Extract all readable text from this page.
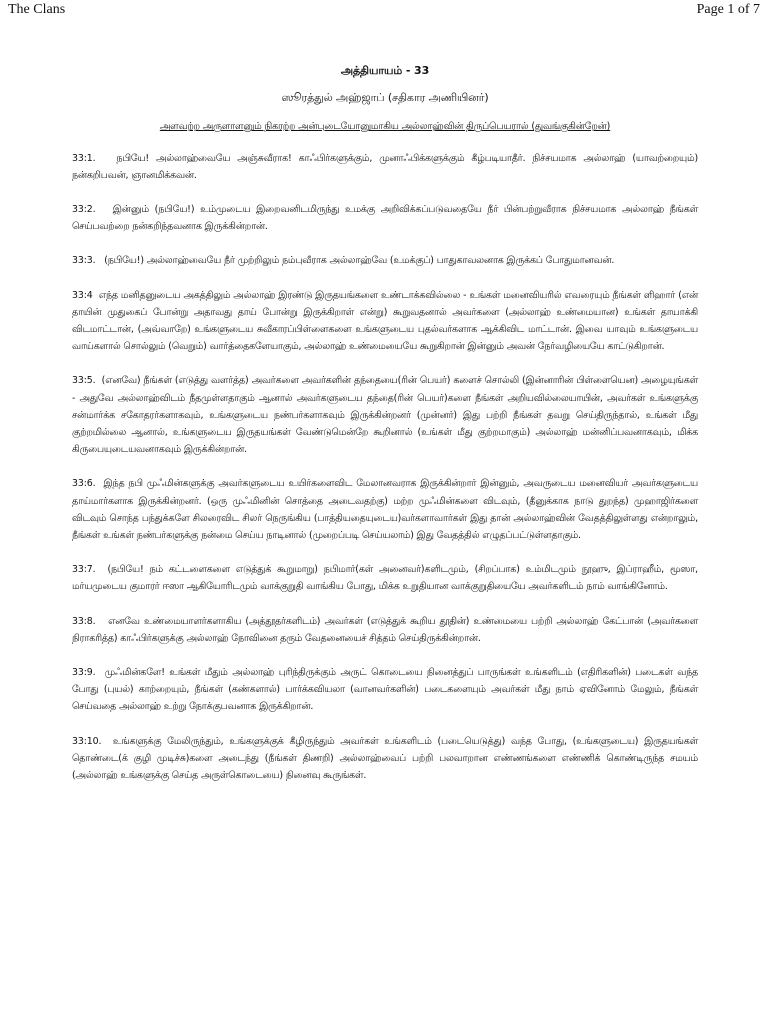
The Clans	Page 1 of 7
அத்தியாயம் - 33
ஸூரத்துல் அஹ்ஜாப் (சதிகார அணியினர்)
அளவற்ற அருளாளனும் நிகரற்ற அன்புடையோனுமாகிய அல்லாஹ்வின் திருப்பெயரால் (துவங்குகின்றேன்)

33:1. நபியே! அல்லாஹ்வையே அஞ்சுவீராக! காஃபிர்களுக்கும், முனாஃபிக்களுக்கும் கீழ்படியாதீர். நிச்சயமாக அல்லாஹ் (யாவற்றையும்) நன்கறிபவன், ஞானமிக்கவன்.

33:2. இன்னும் (நபியே!) உம்முடைய இறைவனிடமிருந்து உமக்கு அறிவிக்கப்படுவதையே நீர் பின்பற்றுவீராக நிச்சயமாக அல்லாஹ் நீங்கள் செய்பவற்றை நன்கறிந்தவனாக இருக்கின்றான்.

33:3. (நபியே!) அல்லாஹ்வையே நீர் முற்றிலும் நம்புவீராக அல்லாஹ்வே (உமக்குப்) பாதுகாவலனாக இருக்கப் போதுமானவன்.

33:4 எந்த மனிதனுடைய அகத்திலும் அல்லாஹ் இரண்டு இருதயங்களை உண்டாக்கவில்லை - உங்கள் மனைவியரில் எவரையும் நீங்கள் ளிஹார் (என் தாயின் முதுகைப் போன்று அதாவது தாய் போன்று இருக்கிறாள் என்று) கூறுவதனால் அவர்களை (அல்லாஹ் உண்மையான) உங்கள் தாயாக்கி விடமாட்டான், (அவ்வாறே) உங்களுடைய சுவீகாரப்பிள்ளைகளை உங்களுடைய புதல்வர்களாக ஆக்கிவிட மாட்டான். இவை யாவும் உங்களுடைய வாய்களால் சொல்லும் (வெறும்) வார்த்தைகளேயாகும், அல்லாஹ் உண்மையையே கூறுகிறான் இன்னும் அவன் நேர்வழியையே காட்டுகிறான்.

33:5. (எனவே) நீங்கள் (எடுத்து வளர்த்த) அவர்களை அவர்களின் தந்தையை(ரின் பெயர்) களைச் சொல்லி (இன்னாரின் பிள்ளையென) அழையுங்கள் - அதுவே அல்லாஹ்விடம் நீதமுள்ளதாகும் ஆனால் அவர்களுடைய தந்தை(ரின் பெயர்)களை நீங்கள் அறியவில்லையாயின், அவர்கள் உங்களுக்கு சன்மார்க்க சகோதரர்களாகவும், உங்களுடைய நண்பர்களாகவும் இருக்கின்றனர் (முன்னர்) இது பற்றி நீங்கள் தவறு செய்திருந்தால், உங்கள் மீது குற்றமில்லை ஆனால், உங்களுடைய இருதயங்கள் வேண்டுமென்றே கூறினால் (உங்கள் மீது குற்றமாகும்) அல்லாஹ் மன்னிப்பவனாகவும், மிக்க கிருபையுடையவனாகவும் இருக்கின்றான்.

33:6. இந்த நபி முஃமின்களுக்கு அவர்களுடைய உயிர்களைவிட மேலானவராக இருக்கின்றார் இன்னும், அவருடைய மனைவியர் அவர்களுடைய தாய்மார்களாக இருக்கின்றனர். (ஒரு முஃமினின் சொத்தை அடைவதற்கு) மற்ற முஃமின்களை விடவும், (தீனுக்காக நாடு துறந்த) முஹாஜிர்களை விடவும் சொந்த பந்துக்களே சிலரைவிட சிலர் நெருங்கிய (பாத்தியதையுடைய)வர்களாவார்கள் இது தான் அல்லாஹ்வின் வேதத்திலுள்ளது என்றாலும், நீங்கள் உங்கள் நண்பர்களுக்கு நன்மை செய்ய நாடினால் (முறைப்படி செய்யலாம்) இது வேதத்தில் எழுதப்பட்டுள்ளதாகும்.

33:7. (நபியே! நம் கட்டளைகளை எடுத்துக் கூறுமாறு) நபிமார்(கள் அனைவர்)களிடமும், (சிறப்பாக) உம்மிடமும் நூஹு, இப்ராஹீம், மூஸா, மர்யமுடைய குமாரர் ஈஸா ஆகியோரிடமும் வாக்குறுதி வாங்கிய போது, மிக்க உறுதியான வாக்குறுதியையே அவர்களிடம் நாம் வாங்கினோம்.

33:8. எனவே உண்மையாளர்களாகிய (அத்தூதர்களிடம்) அவர்கள் (எடுத்துக் கூறிய தூதின்) உண்மையை பற்றி அல்லாஹ் கேட்பான் (அவர்களை நிராகரித்த) காஃபிர்களுக்கு அல்லாஹ் நோவினை தரும் வேதனையைச் சித்தம் செய்திருக்கின்றான்.

33:9. முஃமின்களே! உங்கள் மீதும் அல்லாஹ் புரிந்திருக்கும் அருட் கொடையை நினைத்துப் பாருங்கள் உங்களிடம் (எதிரிகளின்) படைகள் வந்த போது (புயல்) காற்றையும், நீங்கள் (கண்களால்) பார்க்கவியலா (வானவர்களின்) படைகளையும் அவர்கள் மீது நாம் ஏவினோம் மேலும், நீங்கள் செய்வதை அல்லாஹ் உற்று நோக்குபவனாக இருக்கிறான்.

33:10. உங்களுக்கு மேலிருந்தும், உங்களுக்குக் கீழிருந்தும் அவர்கள் உங்களிடம் (படையெடுத்து) வந்த போது, (உங்களுடைய) இருதயங்கள் தொண்டை(க் குழி முடிச்சு)களை அடைந்து (நீங்கள் திணறி) அல்லாஹ்வைப் பற்றி பலவாறான எண்ணங்களை எண்ணிக் கொண்டிருந்த சமயம் (அல்லாஹ் உங்களுக்கு செய்த அருள்கொடையை) நினைவு கூருங்கள்.
